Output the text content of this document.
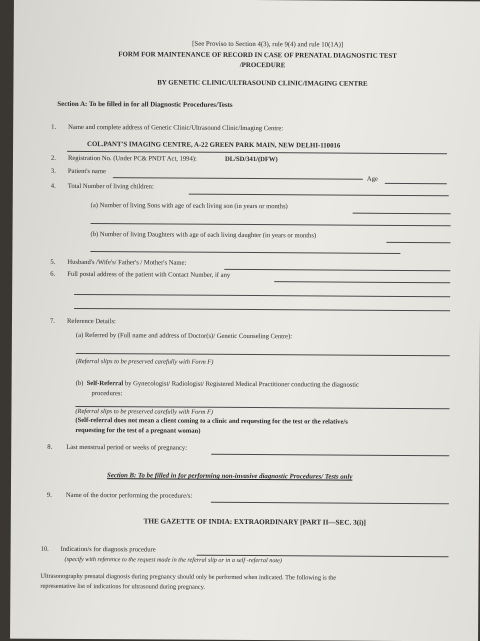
[See Proviso to Section 4(3), rule 9(4) and rule 10(1A)]
FORM FOR MAINTENANCE OF RECORD IN CASE OF PRENATAL DIAGNOSTIC TEST
/PROCEDURE
BY GENETIC CLINIC/ULTRASOUND CLINIC/IMAGING CENTRE
Section A: To be filled in for all Diagnostic Procedures/Tests
1. Name and complete address of Genetic Clinic/Ultrasound Clinic/Imaging Centre:
COL.PANT'S IMAGING CENTRE, A-22 GREEN PARK MAIN, NEW DELHI-110016
2. Registration No. (Under PC& PNDT Act, 1994):	DL/SD/341/(DFW)
3. Patient's name
Age
4. Total Number of living children:
(a) Number of living Sons with age of each living son (in years or months)
(b) Number of living Daughters with age of each living daughter (in years or months)
5. Husband's /Wife's/ Father's / Mother's Name:
6. Full postal address of the patient with Contact Number, if any
7. Reference Details:
(a) Referred by (Full name and address of Doctor(s)/ Genetic Counseling Centre):
(Referral slips to be preserved carefully with Form F)
(b) Self-Referral by Gynecologist/ Radiologist/ Registered Medical Practitioner conducting the diagnostic
procedures:
(Referral slips to be preserved carefully with Form F)
(Self-referral does not mean a client coming to a clinic and requesting for the test or the relative/s
requesting for the test of a pregnant woman)
8. Last menstrual period or weeks of pregnancy:
Section B: To be filled in for performing non-invasive diagnostic Procedures/ Tests only
9. Name of the doctor performing the procedure/s:
THE GAZETTE OF INDIA: EXTRAORDINARY [PART II—SEC. 3(i)]
10. Indication/s for diagnosis procedure
(specify with reference to the request made in the referral slip or in a self -referral note)
Ultrasonography prenatal diagnosis during pregnancy should only be performed when indicated. The following is the
representative list of indications for ultrasound during pregnancy.
